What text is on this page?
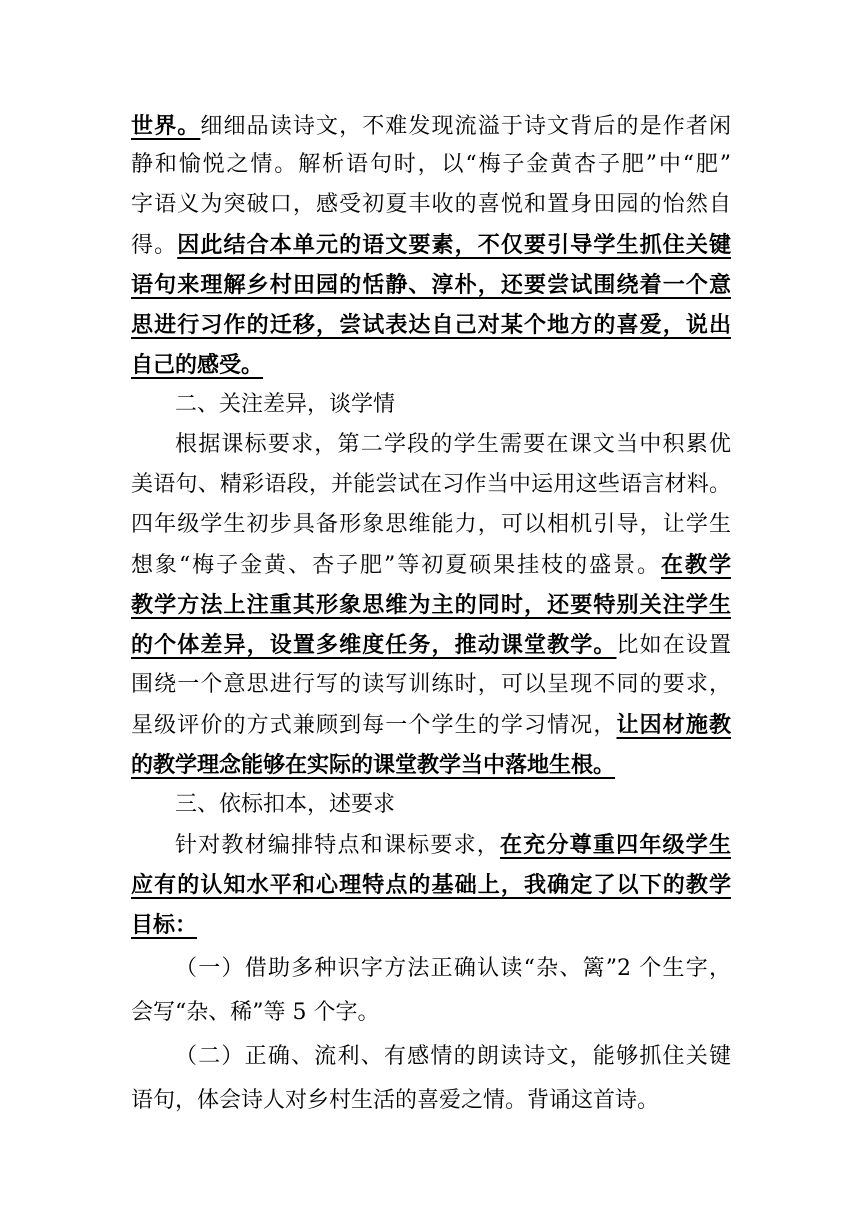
世界。细细品读诗文，不难发现流溢于诗文背后的是作者闲
静和愉悦之情。解析语句时，以“梅子金黄杏子肥”中“肥”
字语义为突破口，感受初夏丰收的喜悦和置身田园的怡然自
得。因此结合本单元的语文要素，不仅要引导学生抓住关键
语句来理解乡村田园的恬静、淳朴，还要尝试围绕着一个意
思进行习作的迁移，尝试表达自己对某个地方的喜爱，说出
自己的感受。
二、关注差异，谈学情
根据课标要求，第二学段的学生需要在课文当中积累优
美语句、精彩语段，并能尝试在习作当中运用这些语言材料。
四年级学生初步具备形象思维能力，可以相机引导，让学生
想象“梅子金黄、杏子肥”等初夏硕果挂枝的盛景。在教学
教学方法上注重其形象思维为主的同时，还要特别关注学生
的个体差异，设置多维度任务，推动课堂教学。比如在设置
围绕一个意思进行写的读写训练时，可以呈现不同的要求，
星级评价的方式兼顾到每一个学生的学习情况，让因材施教
的教学理念能够在实际的课堂教学当中落地生根。
三、依标扣本，述要求
针对教材编排特点和课标要求，在充分尊重四年级学生
应有的认知水平和心理特点的基础上，我确定了以下的教学
目标：
（一）借助多种识字方法正确认读“杂、篱”2 个生字，
会写“杂、稀”等 5 个字。
（二）正确、流利、有感情的朗读诗文，能够抓住关键
语句，体会诗人对乡村生活的喜爱之情。背诵这首诗。
